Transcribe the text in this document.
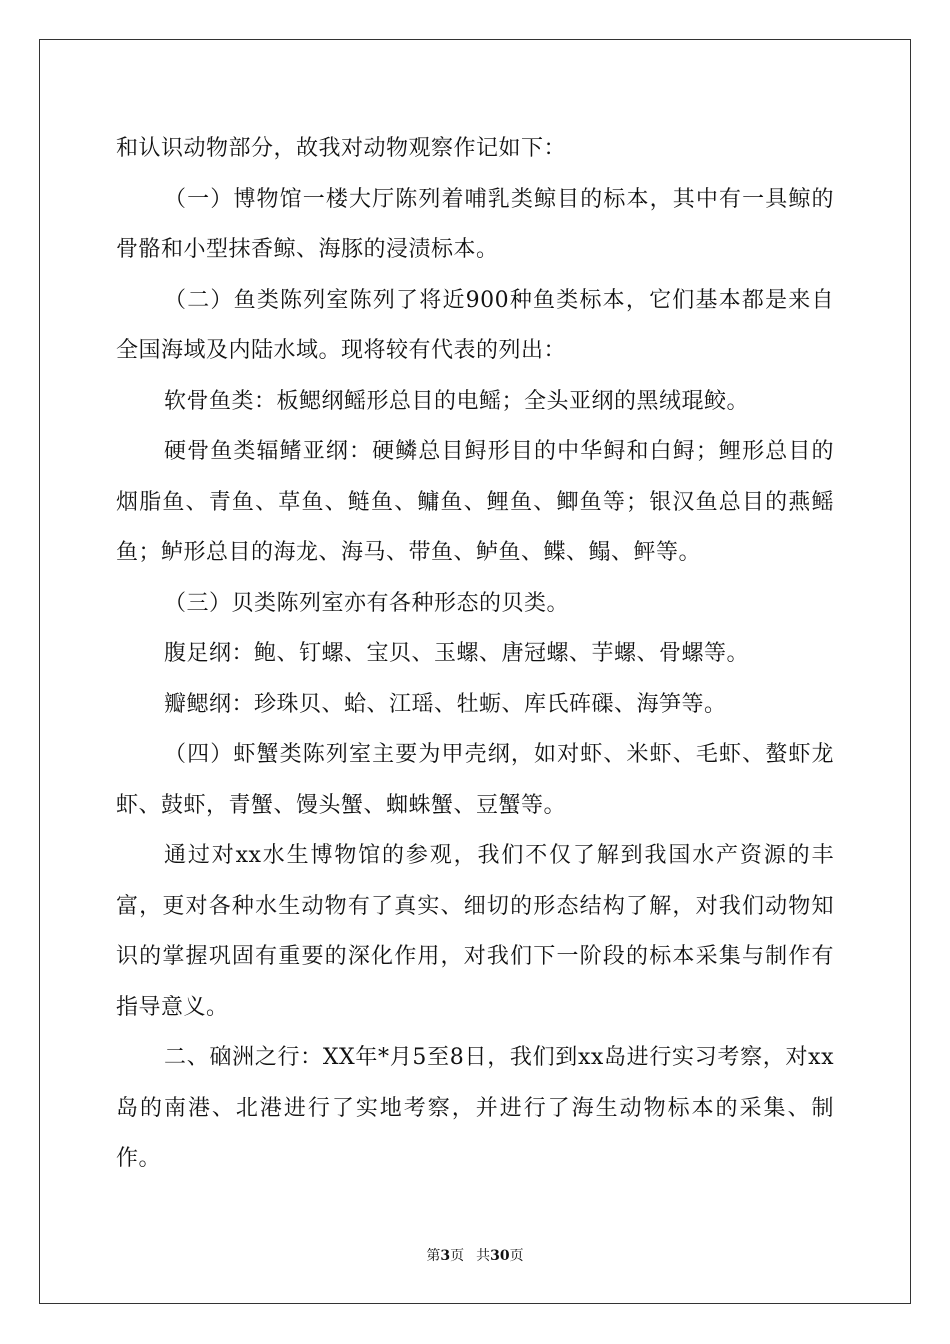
和认识动物部分，故我对动物观察作记如下：

（一）博物馆一楼大厅陈列着哺乳类鲸目的标本，其中有一具鲸的骨骼和小型抹香鲸、海豚的浸渍标本。

（二）鱼类陈列室陈列了将近900种鱼类标本，它们基本都是来自全国海域及内陆水域。现将较有代表的列出：

软骨鱼类：板鳃纲鳐形总目的电鳐；全头亚纲的黑绒琨鲛。

硬骨鱼类辐鳍亚纲：硬鳞总目鲟形目的中华鲟和白鲟；鲤形总目的烟脂鱼、青鱼、草鱼、鲢鱼、鳙鱼、鲤鱼、鲫鱼等；银汉鱼总目的燕鳐鱼；鲈形总目的海龙、海马、带鱼、鲈鱼、鲽、鳎、鲆等。

（三）贝类陈列室亦有各种形态的贝类。

腹足纲：鲍、钉螺、宝贝、玉螺、唐冠螺、芋螺、骨螺等。

瓣鳃纲：珍珠贝、蛤、江瑶、牡蛎、库氏砗磲、海笋等。

（四）虾蟹类陈列室主要为甲壳纲，如对虾、米虾、毛虾、螯虾龙虾、鼓虾，青蟹、馒头蟹、蜘蛛蟹、豆蟹等。

通过对xx水生博物馆的参观，我们不仅了解到我国水产资源的丰富，更对各种水生动物有了真实、细切的形态结构了解，对我们动物知识的掌握巩固有重要的深化作用，对我们下一阶段的标本采集与制作有指导意义。

二、硇洲之行：XX年*月5至8日，我们到xx岛进行实习考察，对xx岛的南港、北港进行了实地考察，并进行了海生动物标本的采集、制作。

第3页 共30页
